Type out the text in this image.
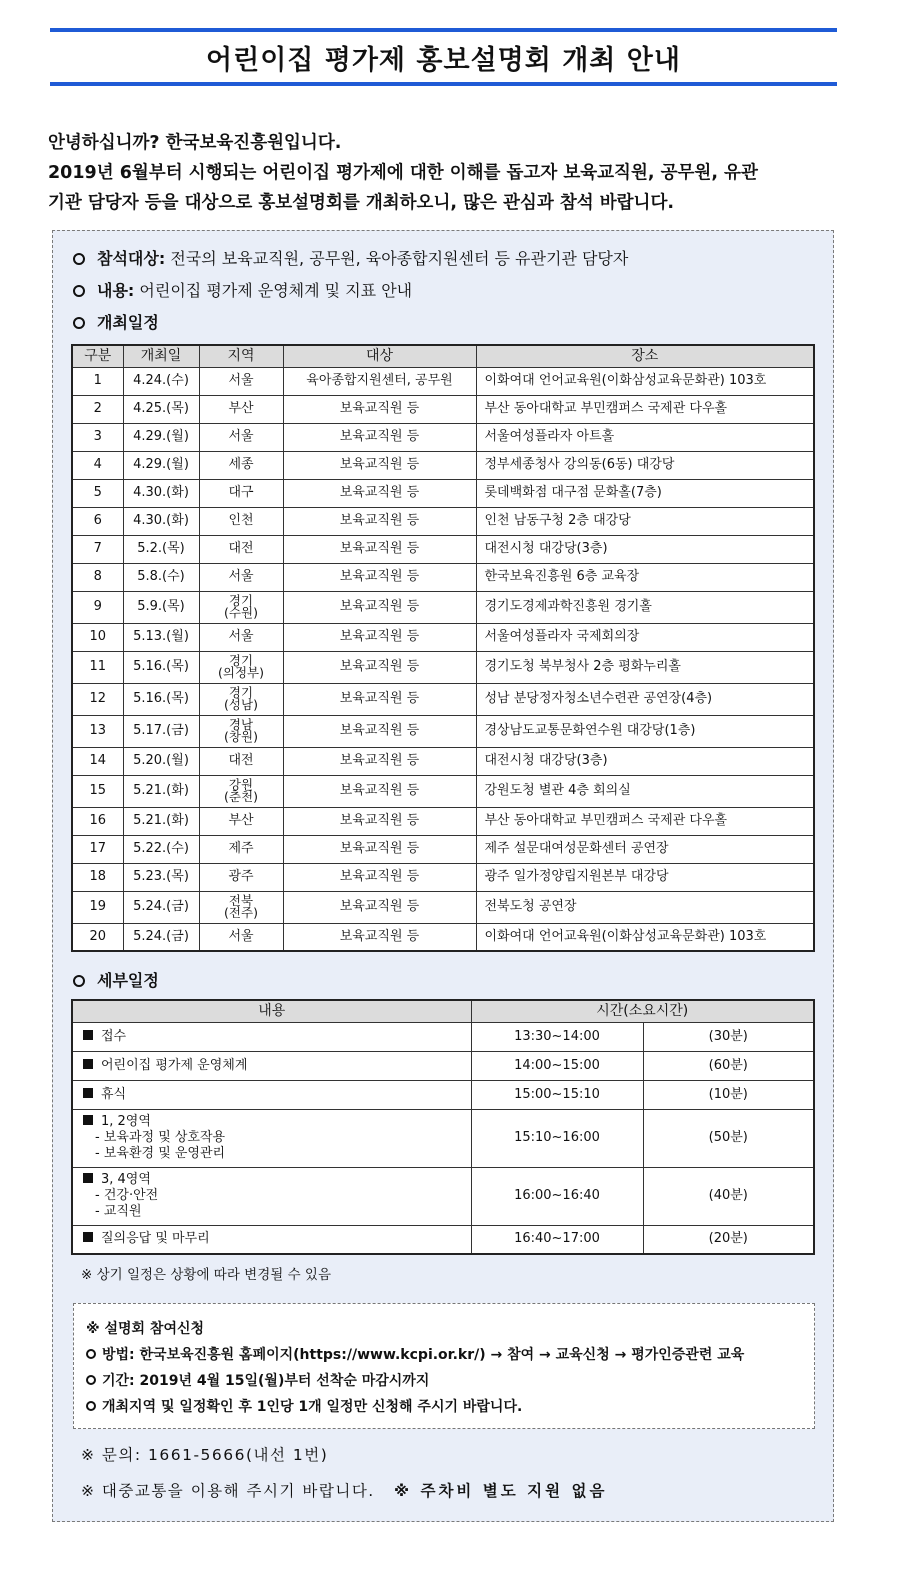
어린이집 평가제 홍보설명회 개최 안내

안녕하십니까? 한국보육진흥원입니다.

2019년 6월부터 시행되는 어린이집 평가제에 대한 이해를 돕고자 보육교직원, 공무원, 유관

기관 담당자 등을 대상으로 홍보설명회를 개최하오니, 많은 관심과 참석 바랍니다.

참석대상: 전국의 보육교직원, 공무원, 육아종합지원센터 등 유관기관 담당자
내용: 어린이집 평가제 운영체계 및 지표 안내
개최일정
구분	개최일	지역	대상	장소
1	4.24.(수)	서울	육아종합지원센터, 공무원	이화여대 언어교육원(이화삼성교육문화관) 103호
2	4.25.(목)	부산	보육교직원 등	부산 동아대학교 부민캠퍼스 국제관 다우홀
3	4.29.(월)	서울	보육교직원 등	서울여성플라자 아트홀
4	4.29.(월)	세종	보육교직원 등	정부세종청사 강의동(6동) 대강당
5	4.30.(화)	대구	보육교직원 등	롯데백화점 대구점 문화홀(7층)
6	4.30.(화)	인천	보육교직원 등	인천 남동구청 2층 대강당
7	5.2.(목)	대전	보육교직원 등	대전시청 대강당(3층)
8	5.8.(수)	서울	보육교직원 등	한국보육진흥원 6층 교육장
9	5.9.(목)	경기
(수원)	보육교직원 등	경기도경제과학진흥원 경기홀
10	5.13.(월)	서울	보육교직원 등	서울여성플라자 국제회의장
11	5.16.(목)	경기
(의정부)	보육교직원 등	경기도청 북부청사 2층 평화누리홀
12	5.16.(목)	경기
(성남)	보육교직원 등	성남 분당정자청소년수련관 공연장(4층)
13	5.17.(금)	경남
(창원)	보육교직원 등	경상남도교통문화연수원 대강당(1층)
14	5.20.(월)	대전	보육교직원 등	대전시청 대강당(3층)
15	5.21.(화)	강원
(춘천)	보육교직원 등	강원도청 별관 4층 회의실
16	5.21.(화)	부산	보육교직원 등	부산 동아대학교 부민캠퍼스 국제관 다우홀
17	5.22.(수)	제주	보육교직원 등	제주 설문대여성문화센터 공연장
18	5.23.(목)	광주	보육교직원 등	광주 일가정양립지원본부 대강당
19	5.24.(금)	전북
(전주)	보육교직원 등	전북도청 공연장
20	5.24.(금)	서울	보육교직원 등	이화여대 언어교육원(이화삼성교육문화관) 103호
세부일정
내용	시간(소요시간)	
접수	13:30~14:00	(30분)
어린이집 평가제 운영체계	14:00~15:00	(60분)
휴식	15:00~15:10	(10분)
1, 2영역
- 보육과정 및 상호작용
- 보육환경 및 운영관리	15:10~16:00	(50분)
3, 4영역
- 건강·안전
- 교직원	16:00~16:40	(40분)
질의응답 및 마무리	16:40~17:00	(20분)
※ 상기 일정은 상황에 따라 변경될 수 있음
※ 설명회 참여신청
방법: 한국보육진흥원 홈페이지(https://www.kcpi.or.kr/) → 참여 → 교육신청 → 평가인증관련 교육
기간: 2019년 4월 15일(월)부터 선착순 마감시까지
개최지역 및 일정확인 후 1인당 1개 일정만 신청해 주시기 바랍니다.
※ 문의: 1661-5666(내선 1번)
※ 대중교통을 이용해 주시기 바랍니다. ※ 주차비 별도 지원 없음
